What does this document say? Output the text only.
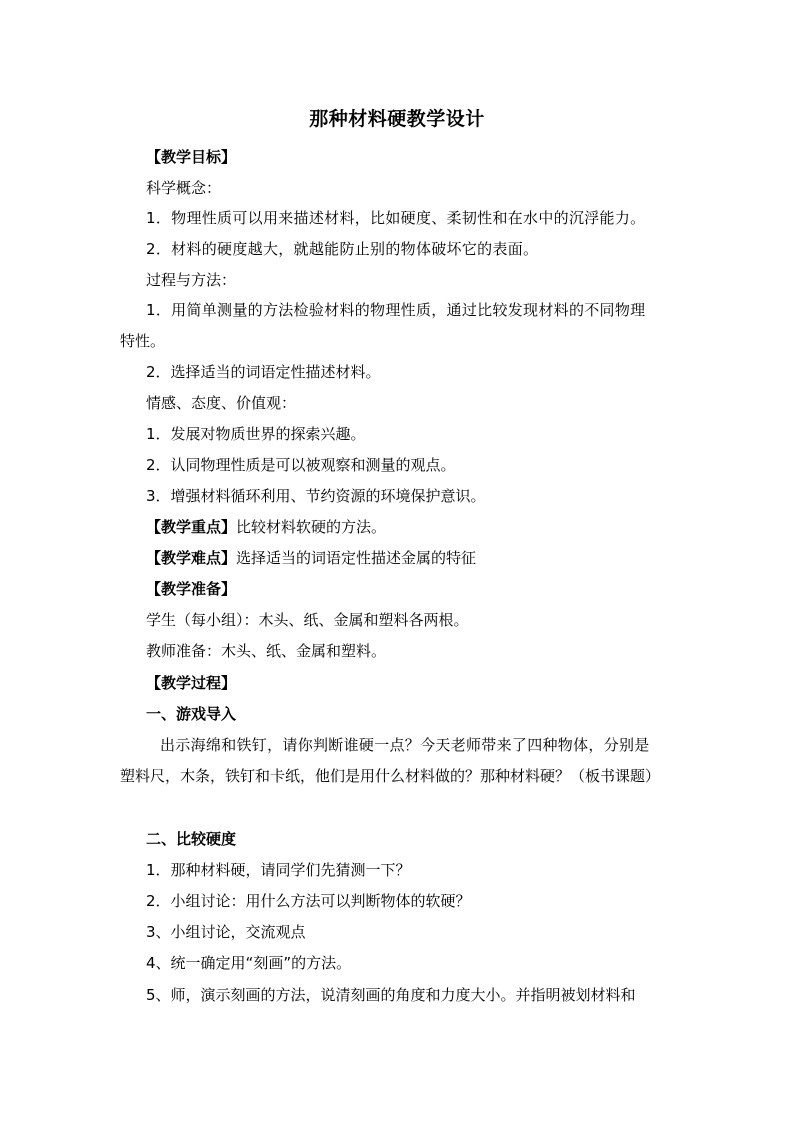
那种材料硬教学设计
【教学目标】
科学概念：
1．物理性质可以用来描述材料，比如硬度、柔韧性和在水中的沉浮能力。
2．材料的硬度越大，就越能防止别的物体破坏它的表面。
过程与方法：
1．用简单测量的方法检验材料的物理性质，通过比较发现材料的不同物理
特性。
2．选择适当的词语定性描述材料。
情感、态度、价值观：
1．发展对物质世界的探索兴趣。
2．认同物理性质是可以被观察和测量的观点。
3．增强材料循环利用、节约资源的环境保护意识。
【教学重点】比较材料软硬的方法。
【教学难点】选择适当的词语定性描述金属的特征
【教学准备】
学生（每小组）：木头、纸、金属和塑料各两根。
教师准备：木头、纸、金属和塑料。
【教学过程】
一、游戏导入
出示海绵和铁钉，请你判断谁硬一点？今天老师带来了四种物体，分别是
塑料尺，木条，铁钉和卡纸，他们是用什么材料做的？那种材料硬？（板书课题）
二、比较硬度
1．那种材料硬，请同学们先猜测一下？
2．小组讨论：用什么方法可以判断物体的软硬？
3、小组讨论，交流观点
4、统一确定用“刻画”的方法。
5、师，演示刻画的方法，说清刻画的角度和力度大小。并指明被划材料和
